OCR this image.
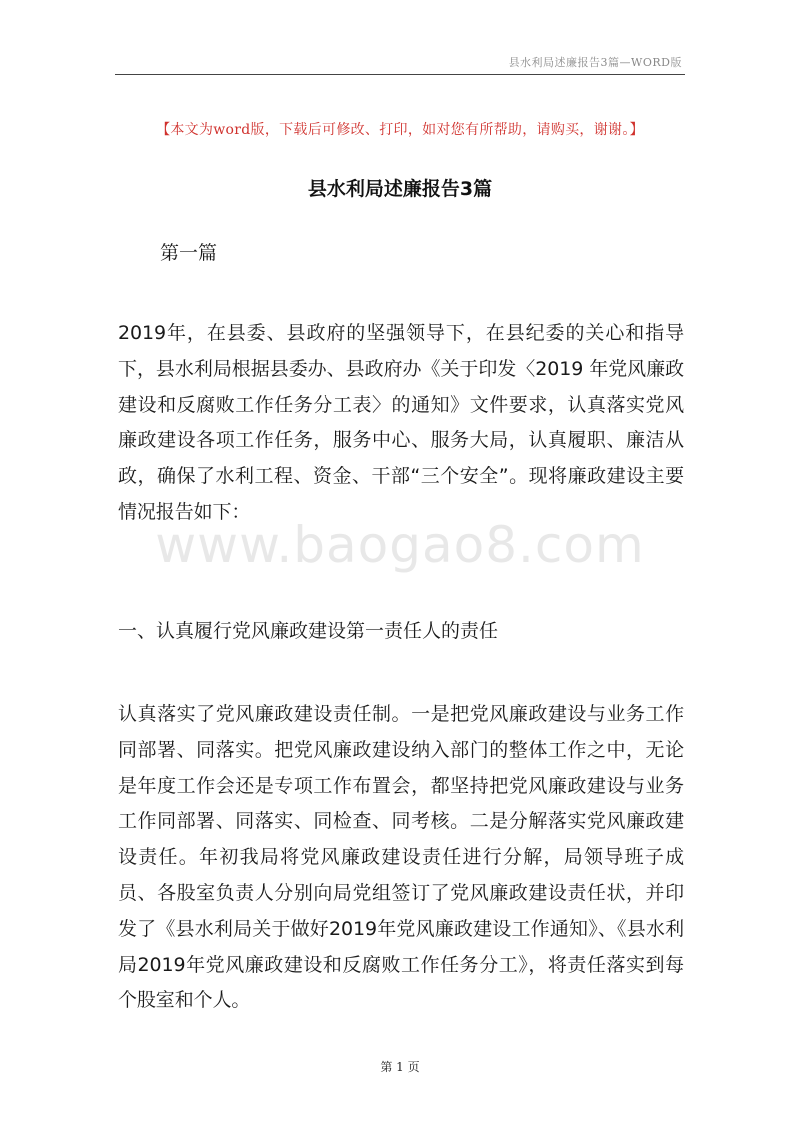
县水利局述廉报告3篇—WORD版
【本文为word版，下载后可修改、打印，如对您有所帮助，请购买，谢谢。】
县水利局述廉报告3篇
第一篇

2019年，在县委、县政府的坚强领导下，在县纪委的关心和指导下，县水利局根据县委办、县政府办《关于印发〈2019 年党风廉政建设和反腐败工作任务分工表〉的通知》文件要求，认真落实党风廉政建设各项工作任务，服务中心、服务大局，认真履职、廉洁从政，确保了水利工程、资金、干部“三个安全”。现将廉政建设主要情况报告如下：

www.baogao8.com
一、认真履行党风廉政建设第一责任人的责任

认真落实了党风廉政建设责任制。一是把党风廉政建设与业务工作同部署、同落实。把党风廉政建设纳入部门的整体工作之中，无论是年度工作会还是专项工作布置会，都坚持把党风廉政建设与业务工作同部署、同落实、同检查、同考核。二是分解落实党风廉政建设责任。年初我局将党风廉政建设责任进行分解，局领导班子成员、各股室负责人分别向局党组签订了党风廉政建设责任状，并印发了《县水利局关于做好2019年党风廉政建设工作通知》、《县水利局2019年党风廉政建设和反腐败工作任务分工》，将责任落实到每个股室和个人。

第 1 页
